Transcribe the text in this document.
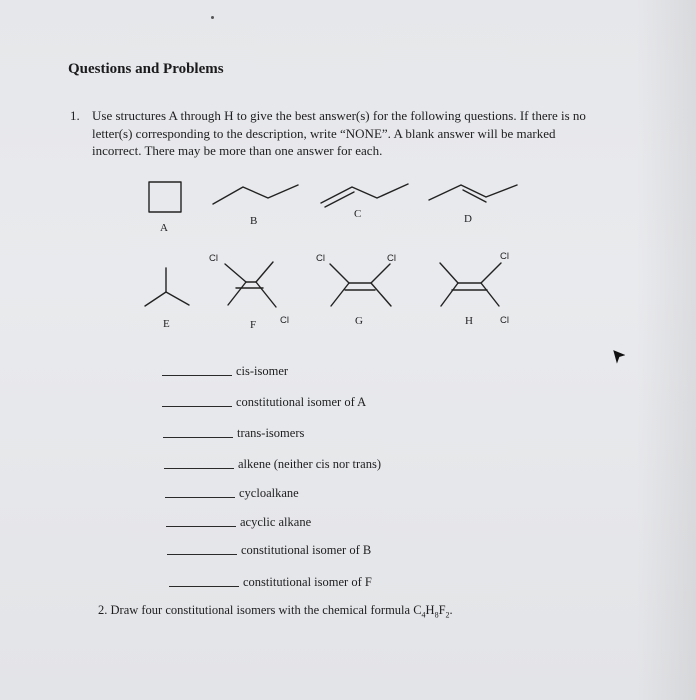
Questions and Problems
1. Use structures A through H to give the best answer(s) for the following questions. If there is no letter(s) corresponding to the description, write “NONE”. A blank answer will be marked incorrect. There may be more than one answer for each.
A
B
C	D
E	F	G	H
Cl
Cl
Cl	Cl	Cl
Cl
cis-isomer
constitutional isomer of A
trans-isomers
alkene (neither cis nor trans)
cycloalkane
acyclic alkane
constitutional isomer of B
constitutional isomer of F
2. Draw four constitutional isomers with the chemical formula $C_4H_8F_2$.
